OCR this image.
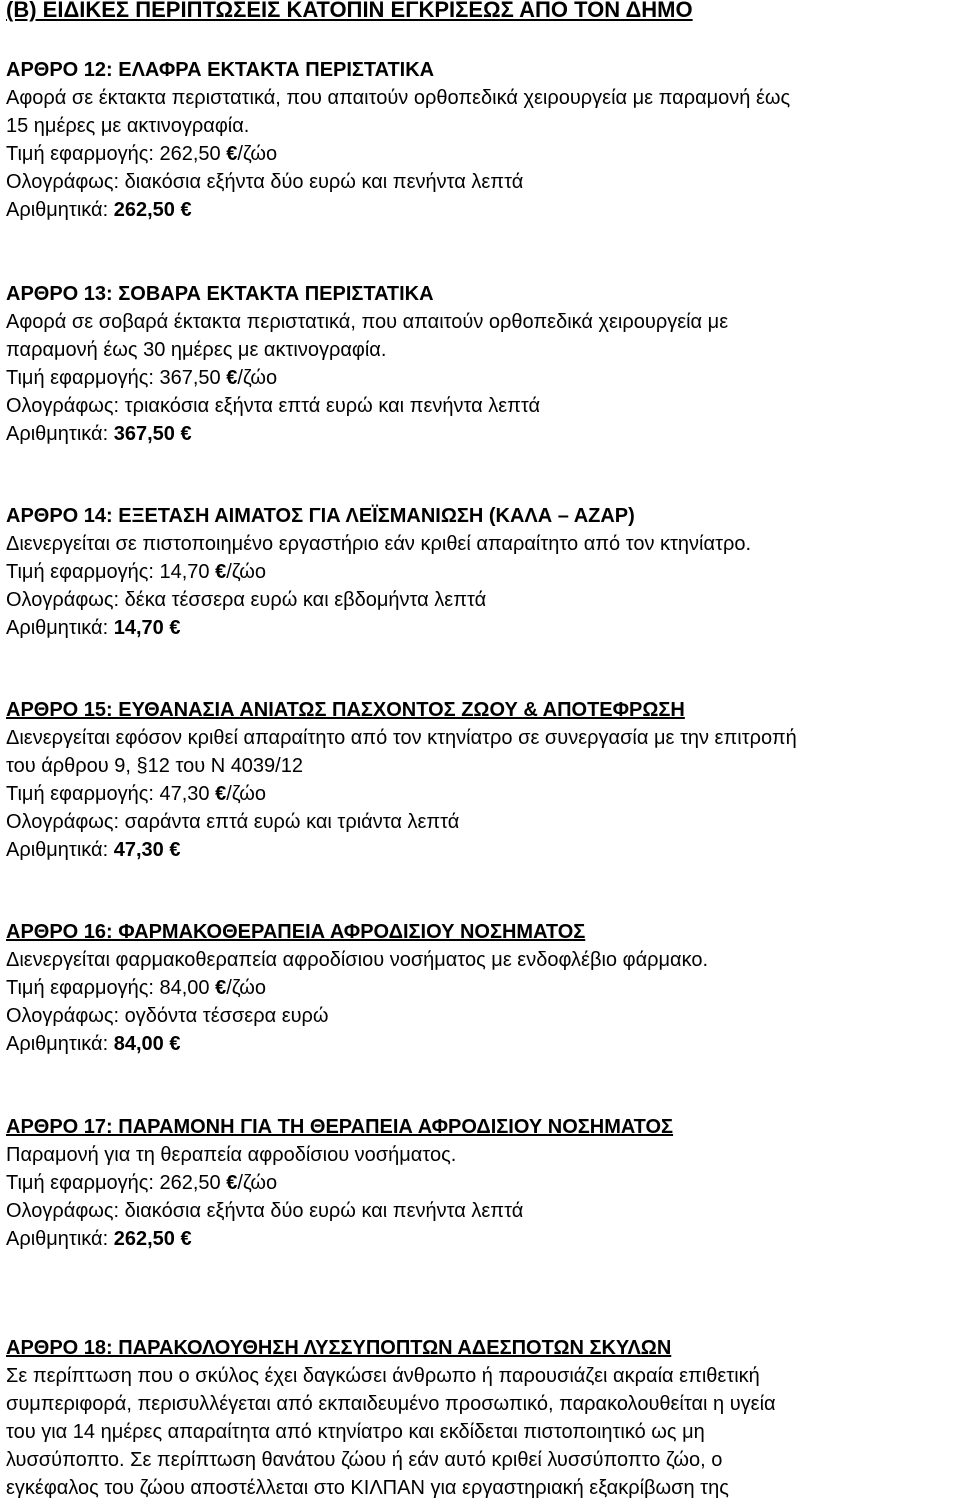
(Β) ΕΙΔΙΚΕΣ ΠΕΡΙΠΤΩΣΕΙΣ ΚΑΤΟΠΙΝ ΕΓΚΡΙΣΕΩΣ ΑΠΟ ΤΟΝ ΔΗΜΟ
ΑΡΘΡΟ 12: ΕΛΑΦΡΑ ΕΚΤΑΚΤΑ ΠΕΡΙΣΤΑΤΙΚΑ
Αφορά σε έκτακτα περιστατικά, που απαιτούν ορθοπεδικά χειρουργεία με παραμονή έως
15 ημέρες με ακτινογραφία.
Τιμή εφαρμογής: 262,50 €/ζώο
Ολογράφως: διακόσια εξήντα δύο ευρώ και πενήντα λεπτά
Αριθμητικά: 262,50 €
ΑΡΘΡΟ 13: ΣΟΒΑΡΑ ΕΚΤΑΚΤΑ ΠΕΡΙΣΤΑΤΙΚΑ
Αφορά σε σοβαρά έκτακτα περιστατικά, που απαιτούν ορθοπεδικά χειρουργεία με
παραμονή έως 30 ημέρες με ακτινογραφία.
Τιμή εφαρμογής: 367,50 €/ζώο
Ολογράφως: τριακόσια εξήντα επτά ευρώ και πενήντα λεπτά
Αριθμητικά: 367,50 €
ΑΡΘΡΟ 14: ΕΞΕΤΑΣΗ ΑΙΜΑΤΟΣ ΓΙΑ ΛΕΪΣΜΑΝΙΩΣΗ (ΚΑΛΑ – ΑΖΑΡ)
Διενεργείται σε πιστοποιημένο εργαστήριο εάν κριθεί απαραίτητο από τον κτηνίατρο.
Τιμή εφαρμογής: 14,70 €/ζώο
Ολογράφως: δέκα τέσσερα ευρώ και εβδομήντα λεπτά
Αριθμητικά: 14,70 €
ΑΡΘΡΟ 15: ΕΥΘΑΝΑΣΙΑ ΑΝΙΑΤΩΣ ΠΑΣΧΟΝΤΟΣ ΖΩΟΥ & ΑΠΟΤΕΦΡΩΣΗ
Διενεργείται εφόσον κριθεί απαραίτητο από τον κτηνίατρο σε συνεργασία με την επιτροπή
του άρθρου 9, §12 του Ν 4039/12
Τιμή εφαρμογής: 47,30 €/ζώο
Ολογράφως: σαράντα επτά ευρώ και τριάντα λεπτά
Αριθμητικά: 47,30 €
ΑΡΘΡΟ 16: ΦΑΡΜΑΚΟΘΕΡΑΠΕΙΑ ΑΦΡΟΔΙΣΙΟΥ ΝΟΣΗΜΑΤΟΣ
Διενεργείται φαρμακοθεραπεία αφροδίσιου νοσήματος με ενδοφλέβιο φάρμακο.
Τιμή εφαρμογής: 84,00 €/ζώο
Ολογράφως: ογδόντα τέσσερα ευρώ
Αριθμητικά: 84,00 €
ΑΡΘΡΟ 17: ΠΑΡΑΜΟΝΗ ΓΙΑ ΤΗ ΘΕΡΑΠΕΙΑ ΑΦΡΟΔΙΣΙΟΥ ΝΟΣΗΜΑΤΟΣ
Παραμονή για τη θεραπεία αφροδίσιου νοσήματος.
Τιμή εφαρμογής: 262,50 €/ζώο
Ολογράφως: διακόσια εξήντα δύο ευρώ και πενήντα λεπτά
Αριθμητικά: 262,50 €
ΑΡΘΡΟ 18: ΠΑΡΑΚΟΛΟΥΘΗΣΗ ΛΥΣΣΥΠΟΠΤΩΝ ΑΔΕΣΠΟΤΩΝ ΣΚΥΛΩΝ
Σε περίπτωση που ο σκύλος έχει δαγκώσει άνθρωπο ή παρουσιάζει ακραία επιθετική
συμπεριφορά, περισυλλέγεται από εκπαιδευμένο προσωπικό, παρακολουθείται η υγεία
του για 14 ημέρες απαραίτητα από κτηνίατρο και εκδίδεται πιστοποιητικό ως μη
λυσσύποπτο. Σε περίπτωση θανάτου ζώου ή εάν αυτό κριθεί λυσσύποπτο ζώο, ο
εγκέφαλος του ζώου αποστέλλεται στο ΚΙΛΠΑΝ για εργαστηριακή εξακρίβωση της
